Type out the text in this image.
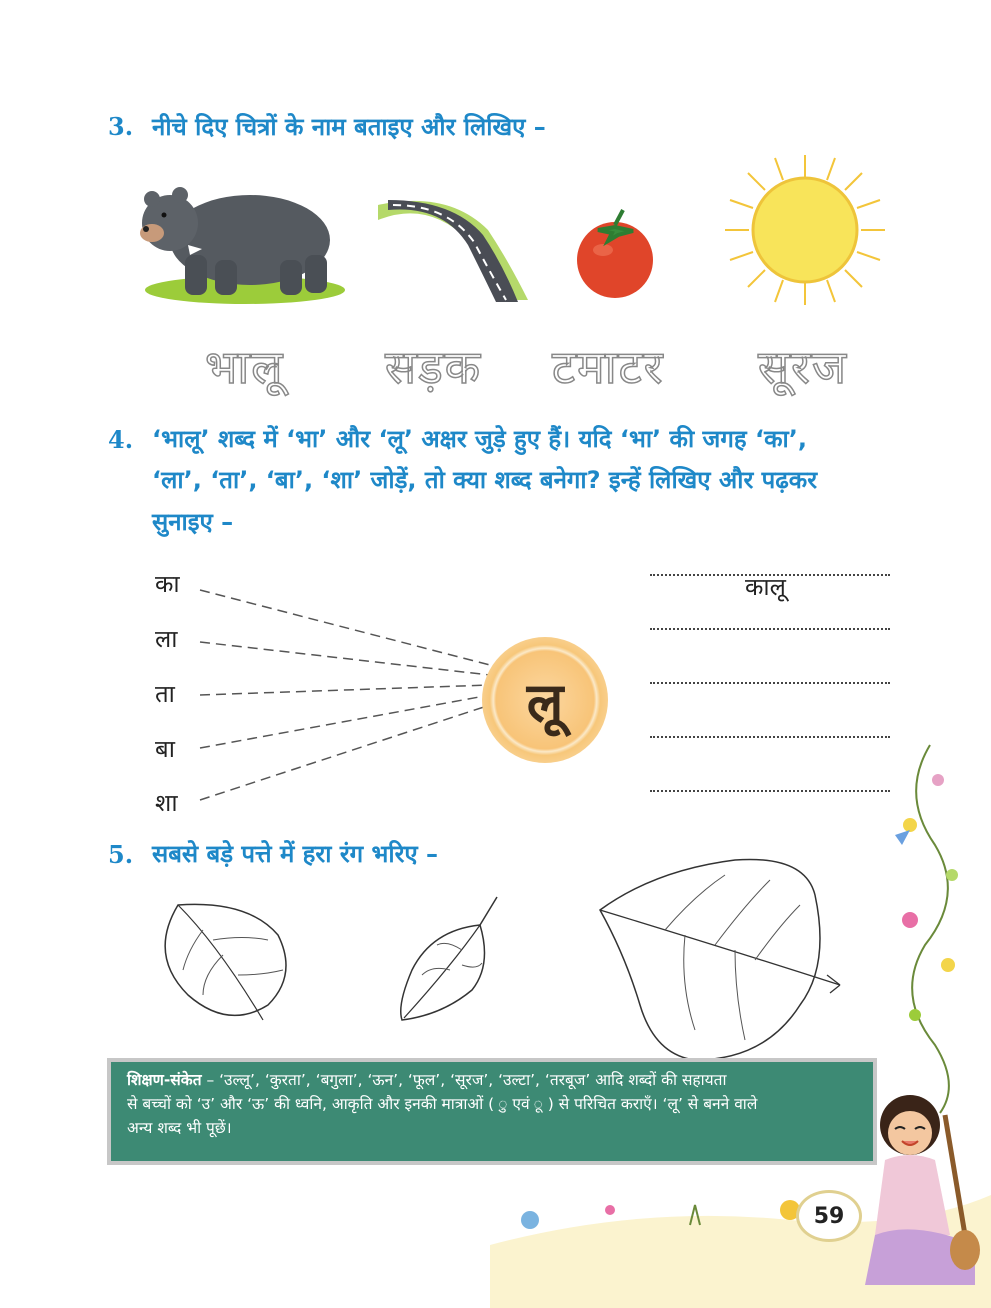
3. नीचे दिए चित्रों के नाम बताइए और लिखिए –
भालू सड़क टमाटर सूरज
4. ‘भालू’ शब्द में ‘भा’ और ‘लू’ अक्षर जुड़े हुए हैं। यदि ‘भा’ की जगह ‘का’,
‘ला’, ‘ता’, ‘बा’, ‘शा’ जोड़ें, तो क्या शब्द बनेगा? इन्हें लिखिए और पढ़कर
सुनाइए –
का
ला
ता
बा
शा
लू
कालू
5. सबसे बड़े पत्ते में हरा रंग भरिए –
शिक्षण-संकेत – ‘उल्लू’, ‘कुरता’, ‘बगुला’, ‘ऊन’, ‘फूल’, ‘सूरज’, ‘उल्टा’, ‘तरबूज’ आदि शब्दों की सहायता
से बच्चों को ‘उ’ और ‘ऊ’ की ध्वनि, आकृति और इनकी मात्राओं ( ु एवं ू ) से परिचित कराएँ। ‘लू’ से बनने वाले
अन्य शब्द भी पूछें।
59
